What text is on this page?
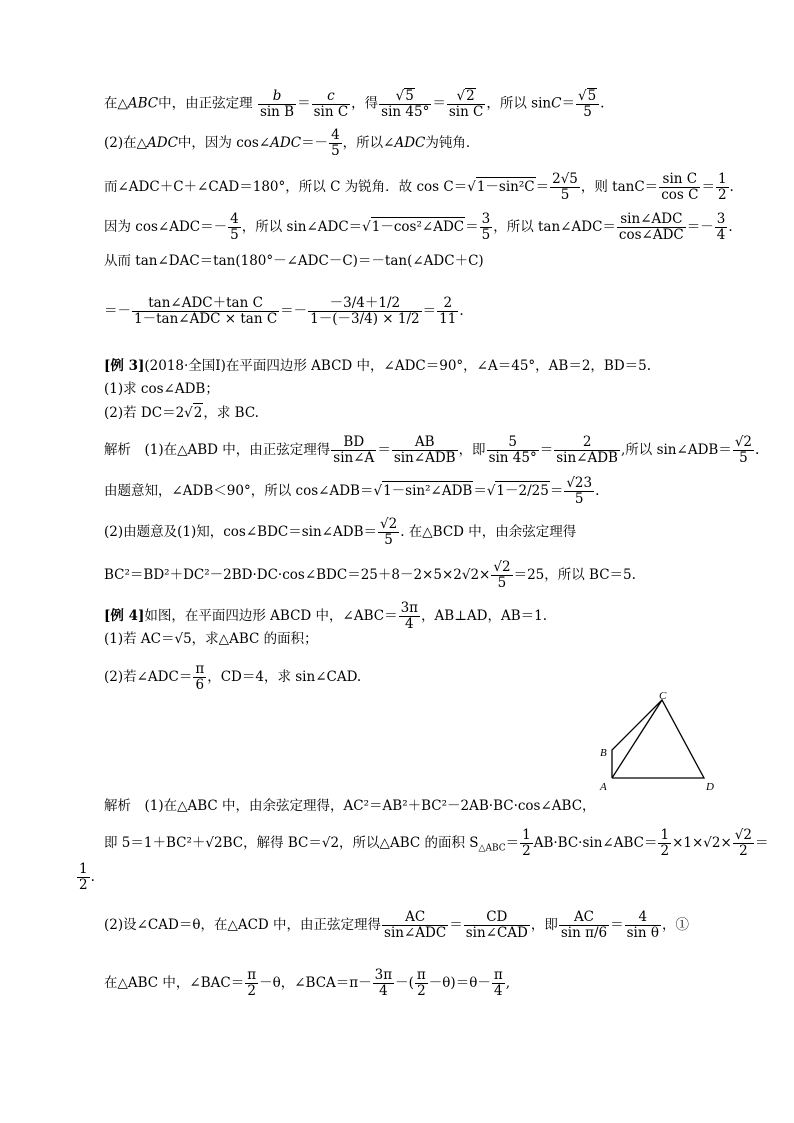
在△ABC中，由正弦定理 $\frac{b}{\text{sin B}} = \frac{c}{\text{sin C}}$ ，得 $\frac{√5}{\sin 45^\circ} = \frac{√2}{\text{sin C}}$ ，所以 $\sin C= \frac{√5}{5}$ .
(2)在△ADC中，因为 cos∠ADC＝－ $\frac{4}{5}$ ，所以∠ADC为钝角．
而∠ADC＋C＋∠CAD＝180°，所以 C 为锐角．故 $\cos C=√1-\sin^2C= \frac{2√5}{5}$ ，则 $\tan C= \frac{\text{sin C}}{\text{cos C}} = \frac{1}{2}$ .
因为 cos∠ADC＝－ $\frac{4}{5}$ ，所以 sin∠ADC＝√1－cos²∠ADC＝ $\frac{3}{5}$ ，所以 tan∠ADC＝ $\frac{\text{sin∠ADC}}{\text{cos∠ADC}} =- \frac{3}{4}$ .
从而 tan∠DAC＝tan(180°－∠ADC－C)＝－tan(∠ADC＋C)
＝－ $\frac{\text{tan∠ADC＋tan C}}{\text{1－tan∠ADC × tan C}} =- \frac{-3/4+1/2}{1-(-3/4) \times 1/2} = \frac{2}{11}$ .
[例 3](2018·全国Ⅰ)在平面四边形 ABCD 中，∠ADC＝90°，∠A＝45°，AB＝2，BD＝5.
(1)求 cos∠ADB；
(2)若 DC＝2√2，求 BC.
解析　(1)在△ABD 中，由正弦定理得 $\frac{BD}{\sin\angle A} = \frac{AB}{\text{sin∠ADB}}$ ，即 $\frac{5}{\sin 45^\circ} = \frac{2}{\text{sin∠ADB}}$ ,所以 sin∠ADB＝ $\frac{√2}{5}$ .
由题意知，∠ADB＜90°，所以 cos∠ADB＝√1－sin²∠ADB＝√1－2/25＝ $\frac{√23}{5}$ .
(2)由题意及(1)知，cos∠BDC＝sin∠ADB＝ $\frac{√2}{5}$ . 在△BCD 中，由余弦定理得
BC²＝BD²＋DC²－2BD·DC·cos∠BDC＝25＋8－2×5×2√2× $\frac{√2}{5} =25$，所以 BC＝5.
[例 4]如图，在平面四边形 ABCD 中，∠ABC＝ $\frac{3\pi}{4}$ ，AB⊥AD，AB＝1.
(1)若 AC＝√5，求△ABC 的面积；
(2)若∠ADC＝ $\frac{\pi}{6}$ ，CD＝4，求 sin∠CAD.
A
B
C
D
解析　(1)在△ABC 中，由余弦定理得，AC²＝AB²＋BC²－2AB·BC·cos∠ABC，
即 5＝1＋BC²＋√2BC，解得 BC＝√2，所以△ABC 的面积 $S_{\triangle ABC}= \frac{1}{2}$ AB·BC·sin∠ABC＝ $\frac{1}{2} \times 1\times√2\times \frac{√2}{2}$ ＝
$\frac{1}{2}$ .
(2)设∠CAD＝θ，在△ACD 中，由正弦定理得 $\frac{AC}{\text{sin∠ADC}} = \frac{CD}{\text{sin∠CAD}}$ ，即 $\frac{AC}{\text{sin π/6}} = \frac{4}{\text{sin θ}}$ ，①
在△ABC 中，∠BAC＝ $\frac{\pi}{2} -\theta$，∠BCA＝π－ $\frac{3\pi}{4}$ －( $\frac{\pi}{2} -\theta)=\theta- \frac{\pi}{4}$ ,
